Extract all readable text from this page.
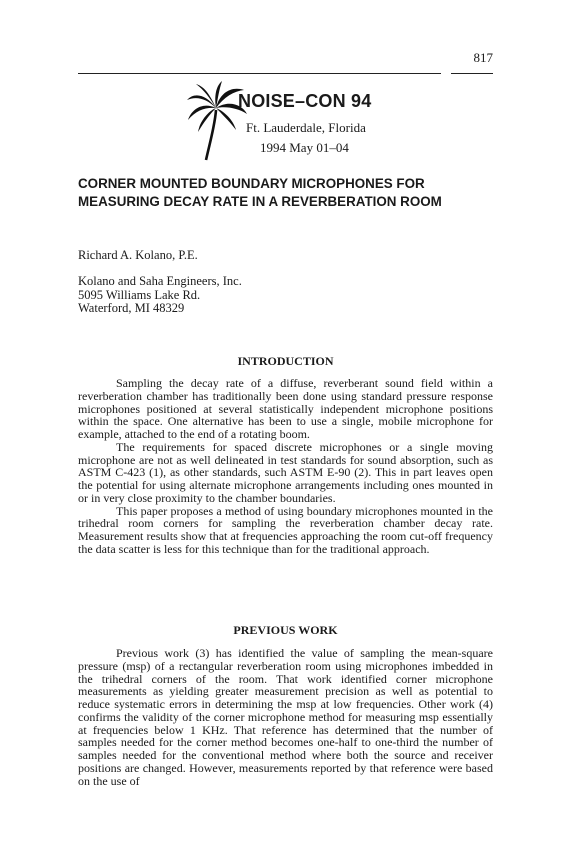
817
NOISE–CON 94
Ft. Lauderdale, Florida
1994 May 01–04
CORNER MOUNTED BOUNDARY MICROPHONES FOR
MEASURING DECAY RATE IN A REVERBERATION ROOM
Richard A. Kolano, P.E.
Kolano and Saha Engineers, Inc.
5095 Williams Lake Rd.
Waterford, MI 48329
INTRODUCTION

Sampling the decay rate of a diffuse, reverberant sound field within a reverberation chamber has traditionally been done using standard pressure response microphones positioned at several statistically independent microphone positions within the space. One alternative has been to use a single, mobile microphone for example, attached to the end of a rotating boom.

The requirements for spaced discrete microphones or a single moving microphone are not as well delineated in test standards for sound absorption, such as ASTM C-423 (1), as other standards, such ASTM E-90 (2). This in part leaves open the potential for using alternate microphone arrangements including ones mounted in or in very close proximity to the chamber boundaries.

This paper proposes a method of using boundary microphones mounted in the trihedral room corners for sampling the reverberation chamber decay rate. Measurement results show that at frequencies approaching the room cut-off frequency the data scatter is less for this technique than for the traditional approach.

PREVIOUS WORK

Previous work (3) has identified the value of sampling the mean-square pressure (msp) of a rectangular reverberation room using microphones imbedded in the trihedral corners of the room. That work identified corner microphone measurements as yielding greater measurement precision as well as potential to reduce systematic errors in determining the msp at low frequencies. Other work (4) confirms the validity of the corner microphone method for measuring msp essentially at frequencies below 1 KHz. That reference has determined that the number of samples needed for the corner method becomes one-half to one-third the number of samples needed for the conventional method where both the source and receiver positions are changed. However, measurements reported by that reference were based on the use of
